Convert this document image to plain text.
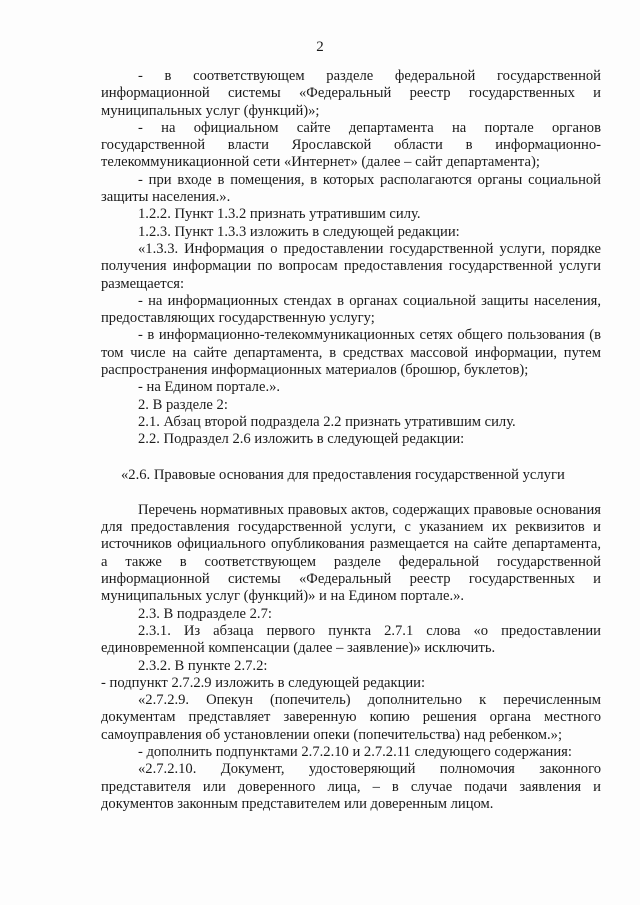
2

- в соответствующем разделе федеральной государственной информационной системы «Федеральный реестр государственных и муниципальных услуг (функций)»;

- на официальном сайте департамента на портале органов государственной власти Ярославской области в информационно-телекоммуникационной сети «Интернет» (далее – сайт департамента);

- при входе в помещения, в которых располагаются органы социальной защиты населения.».

1.2.2. Пункт 1.3.2 признать утратившим силу.

1.2.3. Пункт 1.3.3 изложить в следующей редакции:

«1.3.3. Информация о предоставлении государственной услуги, порядке получения информации по вопросам предоставления государственной услуги размещается:

- на информационных стендах в органах социальной защиты населения, предоставляющих государственную услугу;

- в информационно-телекоммуникационных сетях общего пользования (в том числе на сайте департамента, в средствах массовой информации, путем распространения информационных материалов (брошюр, буклетов);

- на Едином портале.».

2. В разделе 2:

2.1. Абзац второй подраздела 2.2 признать утратившим силу.

2.2. Подраздел 2.6 изложить в следующей редакции:

«2.6. Правовые основания для предоставления государственной услуги

Перечень нормативных правовых актов, содержащих правовые основания для предоставления государственной услуги, с указанием их реквизитов и источников официального опубликования размещается на сайте департамента, а также в соответствующем разделе федеральной государственной информационной системы «Федеральный реестр государственных и муниципальных услуг (функций)» и на Едином портале.».

2.3. В подразделе 2.7:

2.3.1. Из абзаца первого пункта 2.7.1 слова «о предоставлении единовременной компенсации (далее – заявление)» исключить.

2.3.2. В пункте 2.7.2:

- подпункт 2.7.2.9 изложить в следующей редакции:

«2.7.2.9. Опекун (попечитель) дополнительно к перечисленным документам представляет заверенную копию решения органа местного самоуправления об установлении опеки (попечительства) над ребенком.»;

- дополнить подпунктами 2.7.2.10 и 2.7.2.11 следующего содержания:

«2.7.2.10. Документ, удостоверяющий полномочия законного представителя или доверенного лица, – в случае подачи заявления и документов законным представителем или доверенным лицом.
